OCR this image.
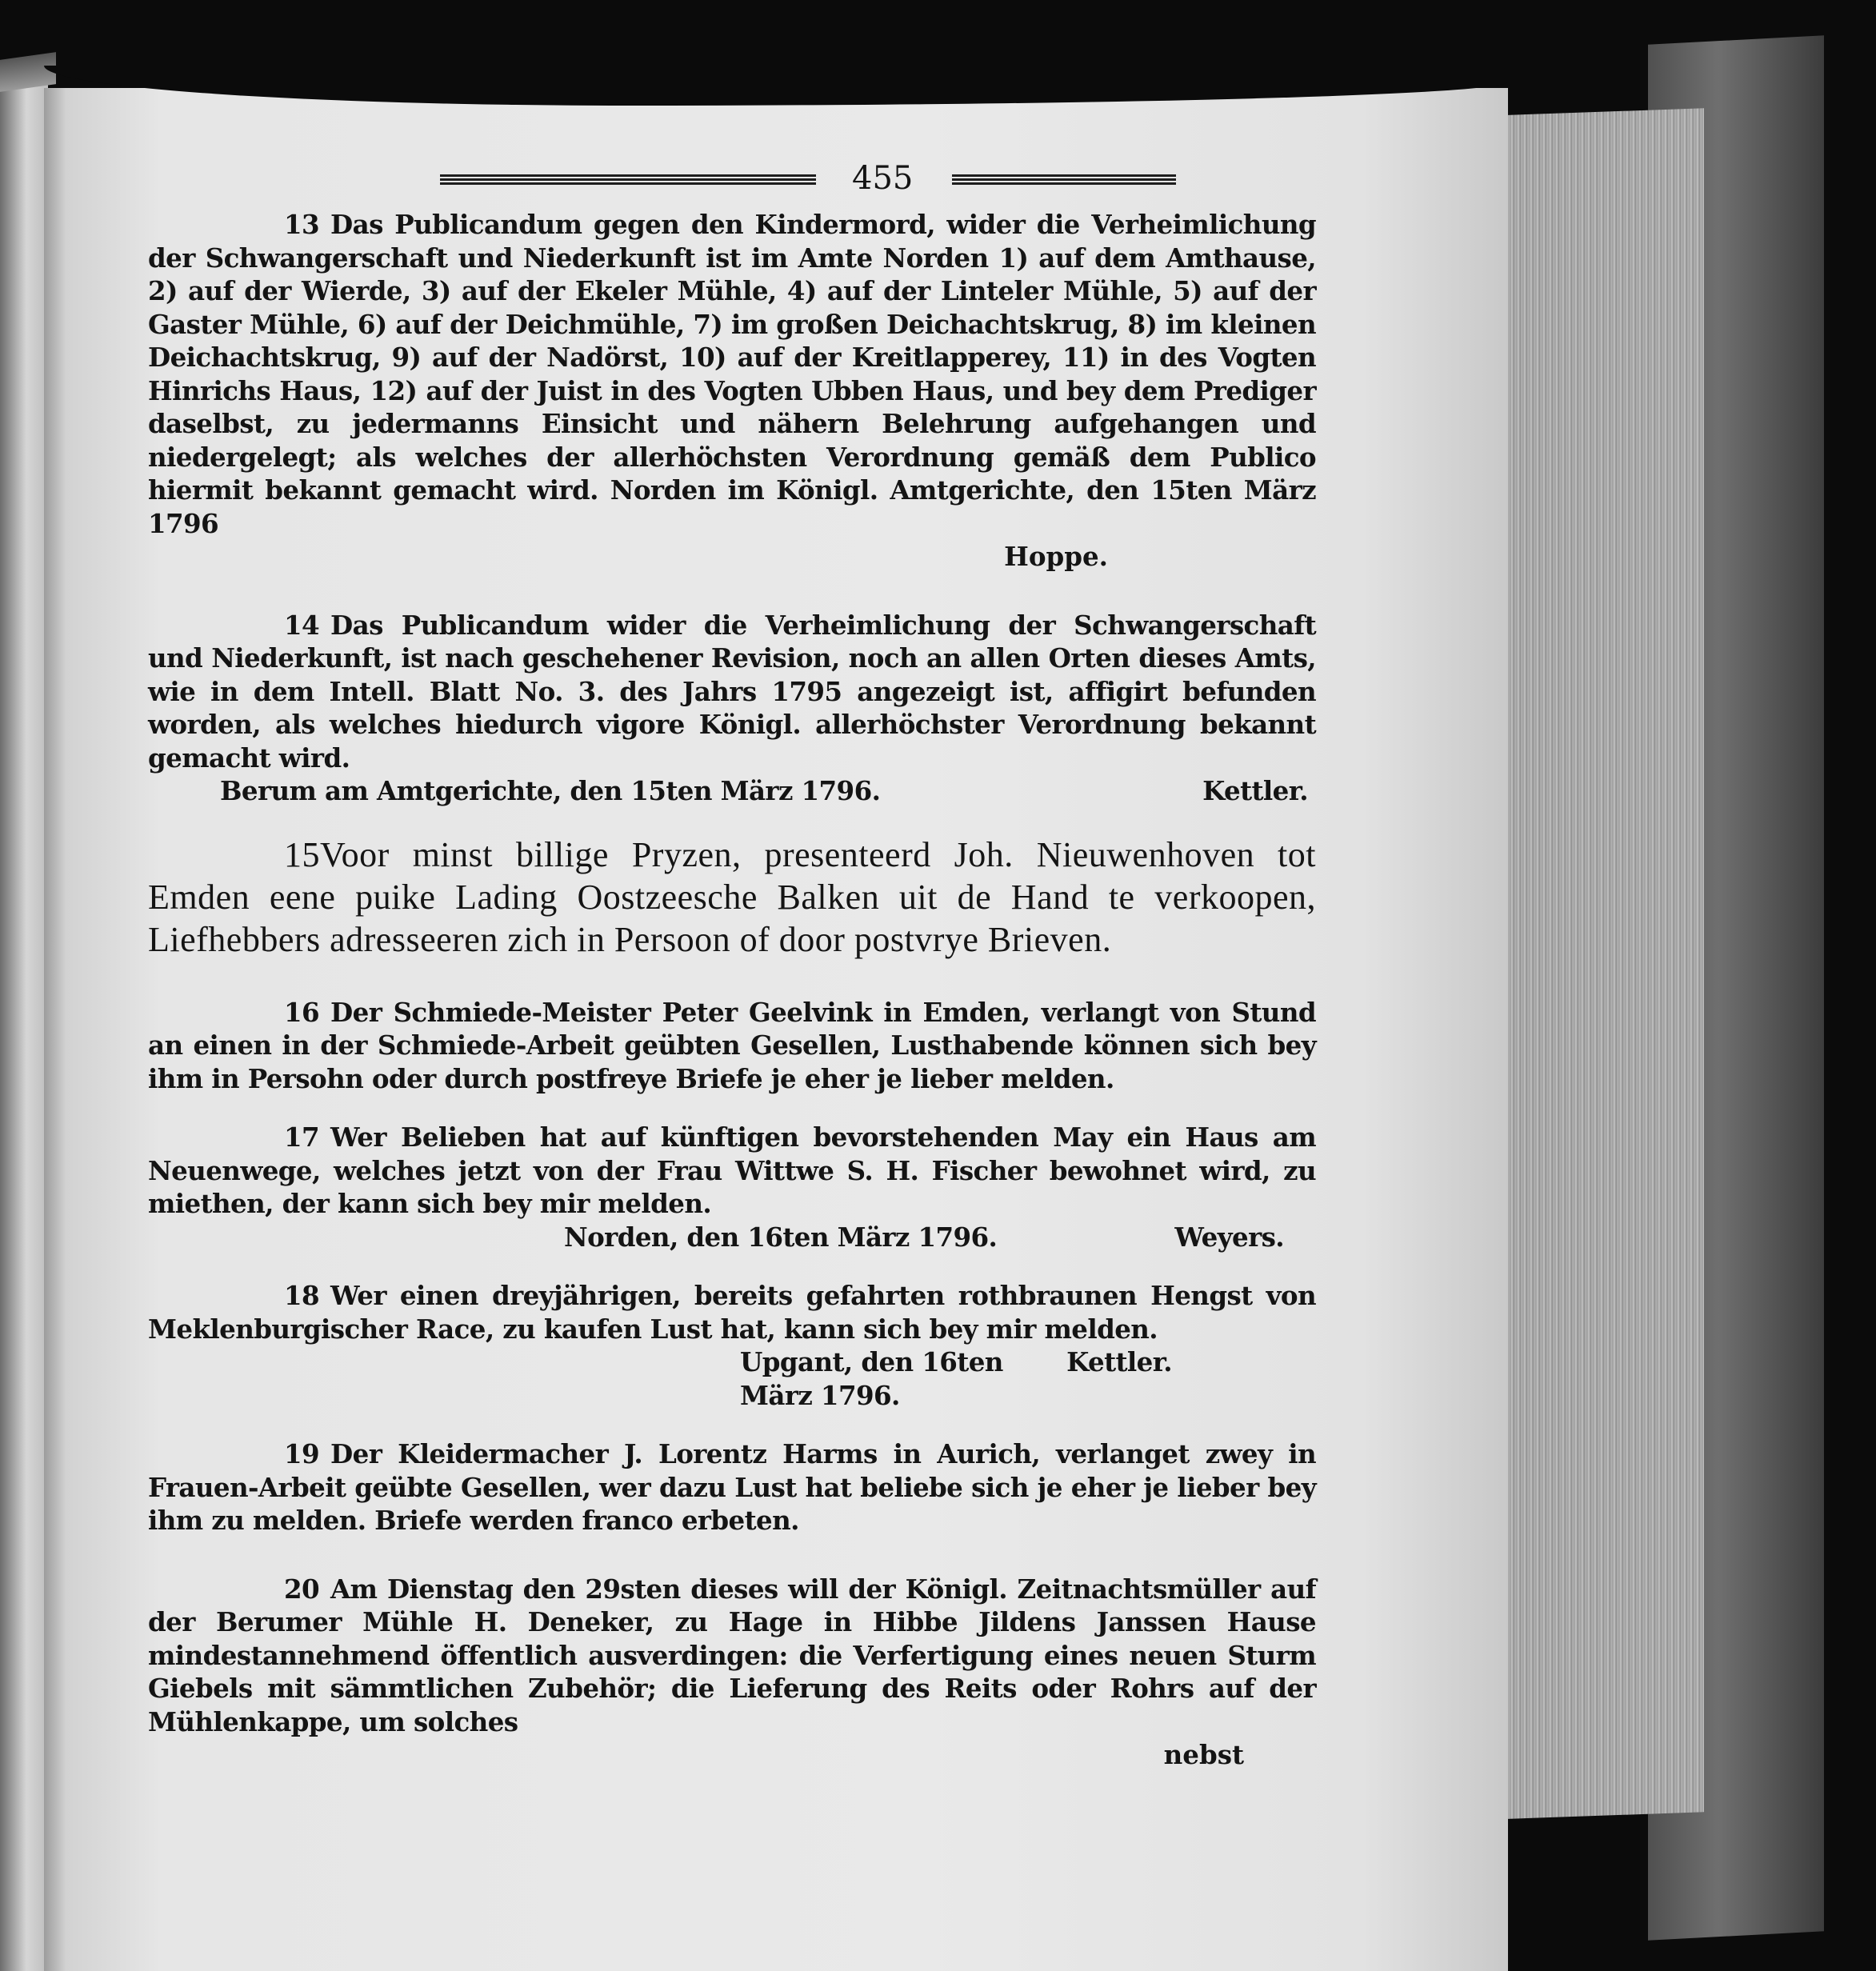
455
13 Das Publicandum gegen den Kindermord, wider die Verheimlichung der Schwangerschaft und Niederkunft ist im Amte Norden 1) auf dem Amthause, 2) auf der Wierde, 3) auf der Ekeler Mühle, 4) auf der Linteler Mühle, 5) auf der Gaster Mühle, 6) auf der Deichmühle, 7) im großen Deichachtskrug, 8) im kleinen Deichachtskrug, 9) auf der Nadörst, 10) auf der Kreitlapperey, 11) in des Vogten Hinrichs Haus, 12) auf der Juist in des Vogten Ubben Haus, und bey dem Prediger daselbst, zu jedermanns Einsicht und nähern Belehrung aufgehangen und niedergelegt; als welches der allerhöchsten Verordnung gemäß dem Publico hiermit bekannt gemacht wird. Norden im Königl. Amtgerichte, den 15ten März 1796
Hoppe.
14 Das Publicandum wider die Verheimlichung der Schwangerschaft und Niederkunft, ist nach geschehener Revision, noch an allen Orten dieses Amts, wie in dem Intell. Blatt No. 3. des Jahrs 1795 angezeigt ist, affigirt befunden worden, als welches hiedurch vigore Königl. allerhöchster Verordnung bekannt gemacht wird.
Berum am Amtgerichte, den 15ten März 1796.	Kettler.
15Voor minst billige Pryzen, presenteerd Joh. Nieuwenhoven tot Emden eene puike Lading Oostzeesche Balken uit de Hand te verkoopen, Liefhebbers adresseeren zich in Persoon of door postvrye Brieven.
16 Der Schmiede-Meister Peter Geelvink in Emden, verlangt von Stund an einen in der Schmiede-Arbeit geübten Gesellen, Lusthabende können sich bey ihm in Persohn oder durch postfreye Briefe je eher je lieber melden.
17 Wer Belieben hat auf künftigen bevorstehenden May ein Haus am Neuenwege, welches jetzt von der Frau Wittwe S. H. Fischer bewohnet wird, zu miethen, der kann sich bey mir melden.
Norden, den 16ten März 1796.	Weyers.
18 Wer einen dreyjährigen, bereits gefahrten rothbraunen Hengst von Meklenburgischer Race, zu kaufen Lust hat, kann sich bey mir melden.
Upgant, den 16ten März 1796.
Kettler.
19 Der Kleidermacher J. Lorentz Harms in Aurich, verlanget zwey in Frauen-Arbeit geübte Gesellen, wer dazu Lust hat beliebe sich je eher je lieber bey ihm zu melden. Briefe werden franco erbeten.
20 Am Dienstag den 29sten dieses will der Königl. Zeitnachtsmüller auf der Berumer Mühle H. Deneker, zu Hage in Hibbe Jildens Janssen Hause mindestannehmend öffentlich ausverdingen: die Verfertigung eines neuen Sturm Giebels mit sämmtlichen Zubehör; die Lieferung des Reits oder Rohrs auf der Mühlenkappe, um solches
nebst
